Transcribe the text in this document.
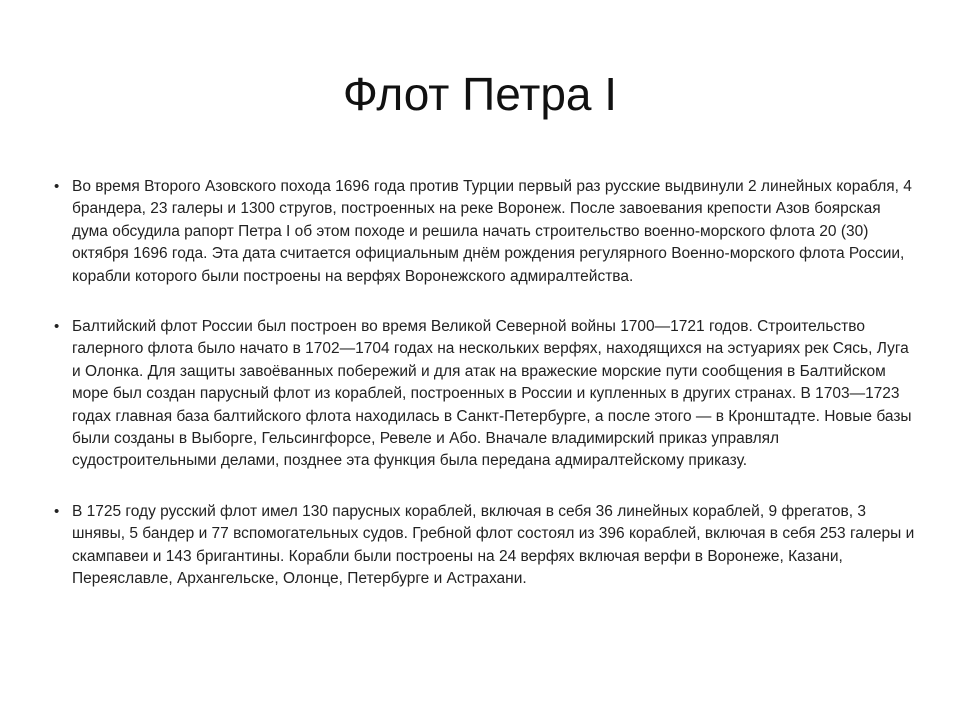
Флот Петра I
• Во время Второго Азовского похода 1696 года против Турции первый раз русские выдвинули 2 линейных корабля, 4 брандера, 23 галеры и 1300 стругов, построенных на реке Воронеж. После завоевания крепости Азов боярская дума обсудила рапорт Петра I об этом походе и решила начать строительство военно-морского флота 20 (30) октября 1696 года. Эта дата считается официальным днём рождения регулярного Военно-морского флота России, корабли которого были построены на верфях Воронежского адмиралтейства.
• Балтийский флот России был построен во время Великой Северной войны 1700—1721 годов. Строительство галерного флота было начато в 1702—1704 годах на нескольких верфях, находящихся на эстуариях рек Сясь, Луга и Олонка. Для защиты завоёванных побережий и для атак на вражеские морские пути сообщения в Балтийском море был создан парусный флот из кораблей, построенных в России и купленных в других странах. В 1703—1723 годах главная база балтийского флота находилась в Санкт-Петербурге, а после этого — в Кронштадте. Новые базы были созданы в Выборге, Гельсингфорсе, Ревеле и Або. Вначале владимирский приказ управлял судостроительными делами, позднее эта функция была передана адмиралтейскому приказу.
• В 1725 году русский флот имел 130 парусных кораблей, включая в себя 36 линейных кораблей, 9 фрегатов, 3 шнявы, 5 бандер и 77 вспомогательных судов. Гребной флот состоял из 396 кораблей, включая в себя 253 галеры и скампавеи и 143 бригантины. Корабли были построены на 24 верфях включая верфи в Воронеже, Казани, Переяславле, Архангельске, Олонце, Петербурге и Астрахани.
